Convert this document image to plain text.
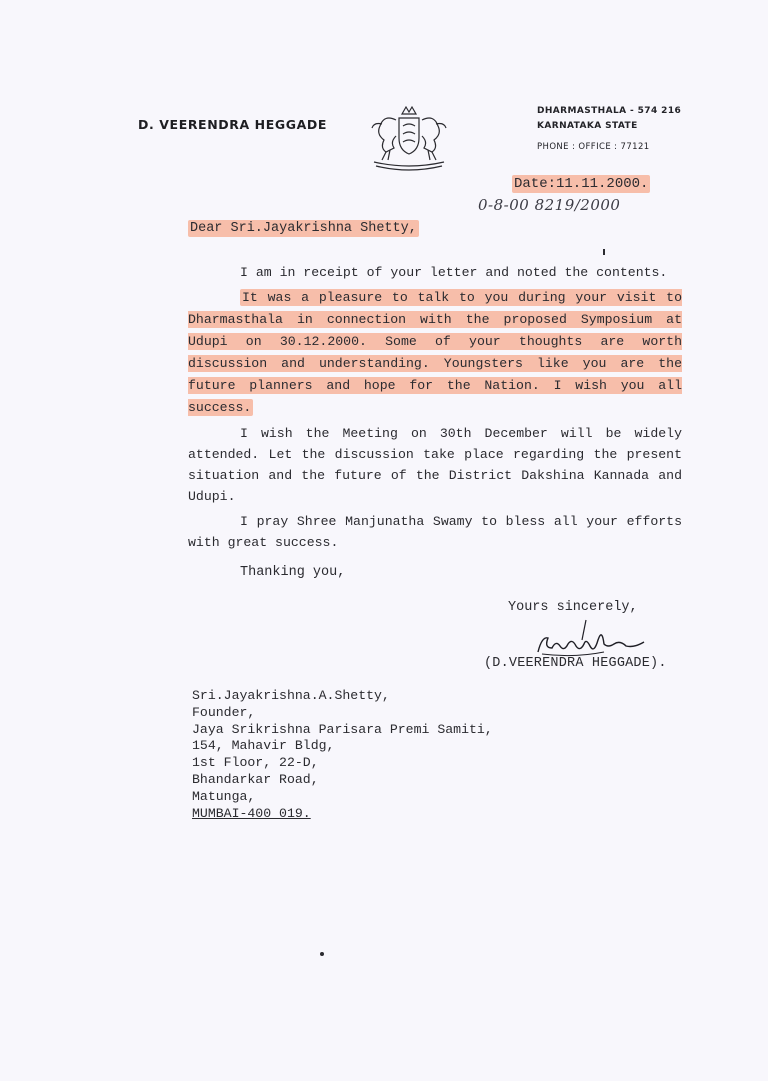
D. VEERENDRA HEGGADE
DHARMASTHALA - 574 216
KARNATAKA STATE
PHONE : OFFICE : 77121
Date:11.11.2000.
0-8-00 8219/2000
Dear Sri.Jayakrishna Shetty,

I am in receipt of your letter and noted the contents.

It was a pleasure to talk to you during your visit to Dharmasthala in connection with the proposed Symposium at Udupi on 30.12.2000. Some of your thoughts are worth discussion and understanding. Youngsters like you are the future planners and hope for the Nation. I wish you all success.

I wish the Meeting on 30th December will be widely attended. Let the discussion take place regarding the present situation and the future of the District Dakshina Kannada and Udupi.

I pray Shree Manjunatha Swamy to bless all your efforts with great success.

Thanking you,
Yours sincerely,
(D.VEERENDRA HEGGADE).
Sri.Jayakrishna.A.Shetty,
Founder,
Jaya Srikrishna Parisara Premi Samiti,
154, Mahavir Bldg,
1st Floor, 22-D,
Bhandarkar Road,
Matunga,
MUMBAI-400 019.
